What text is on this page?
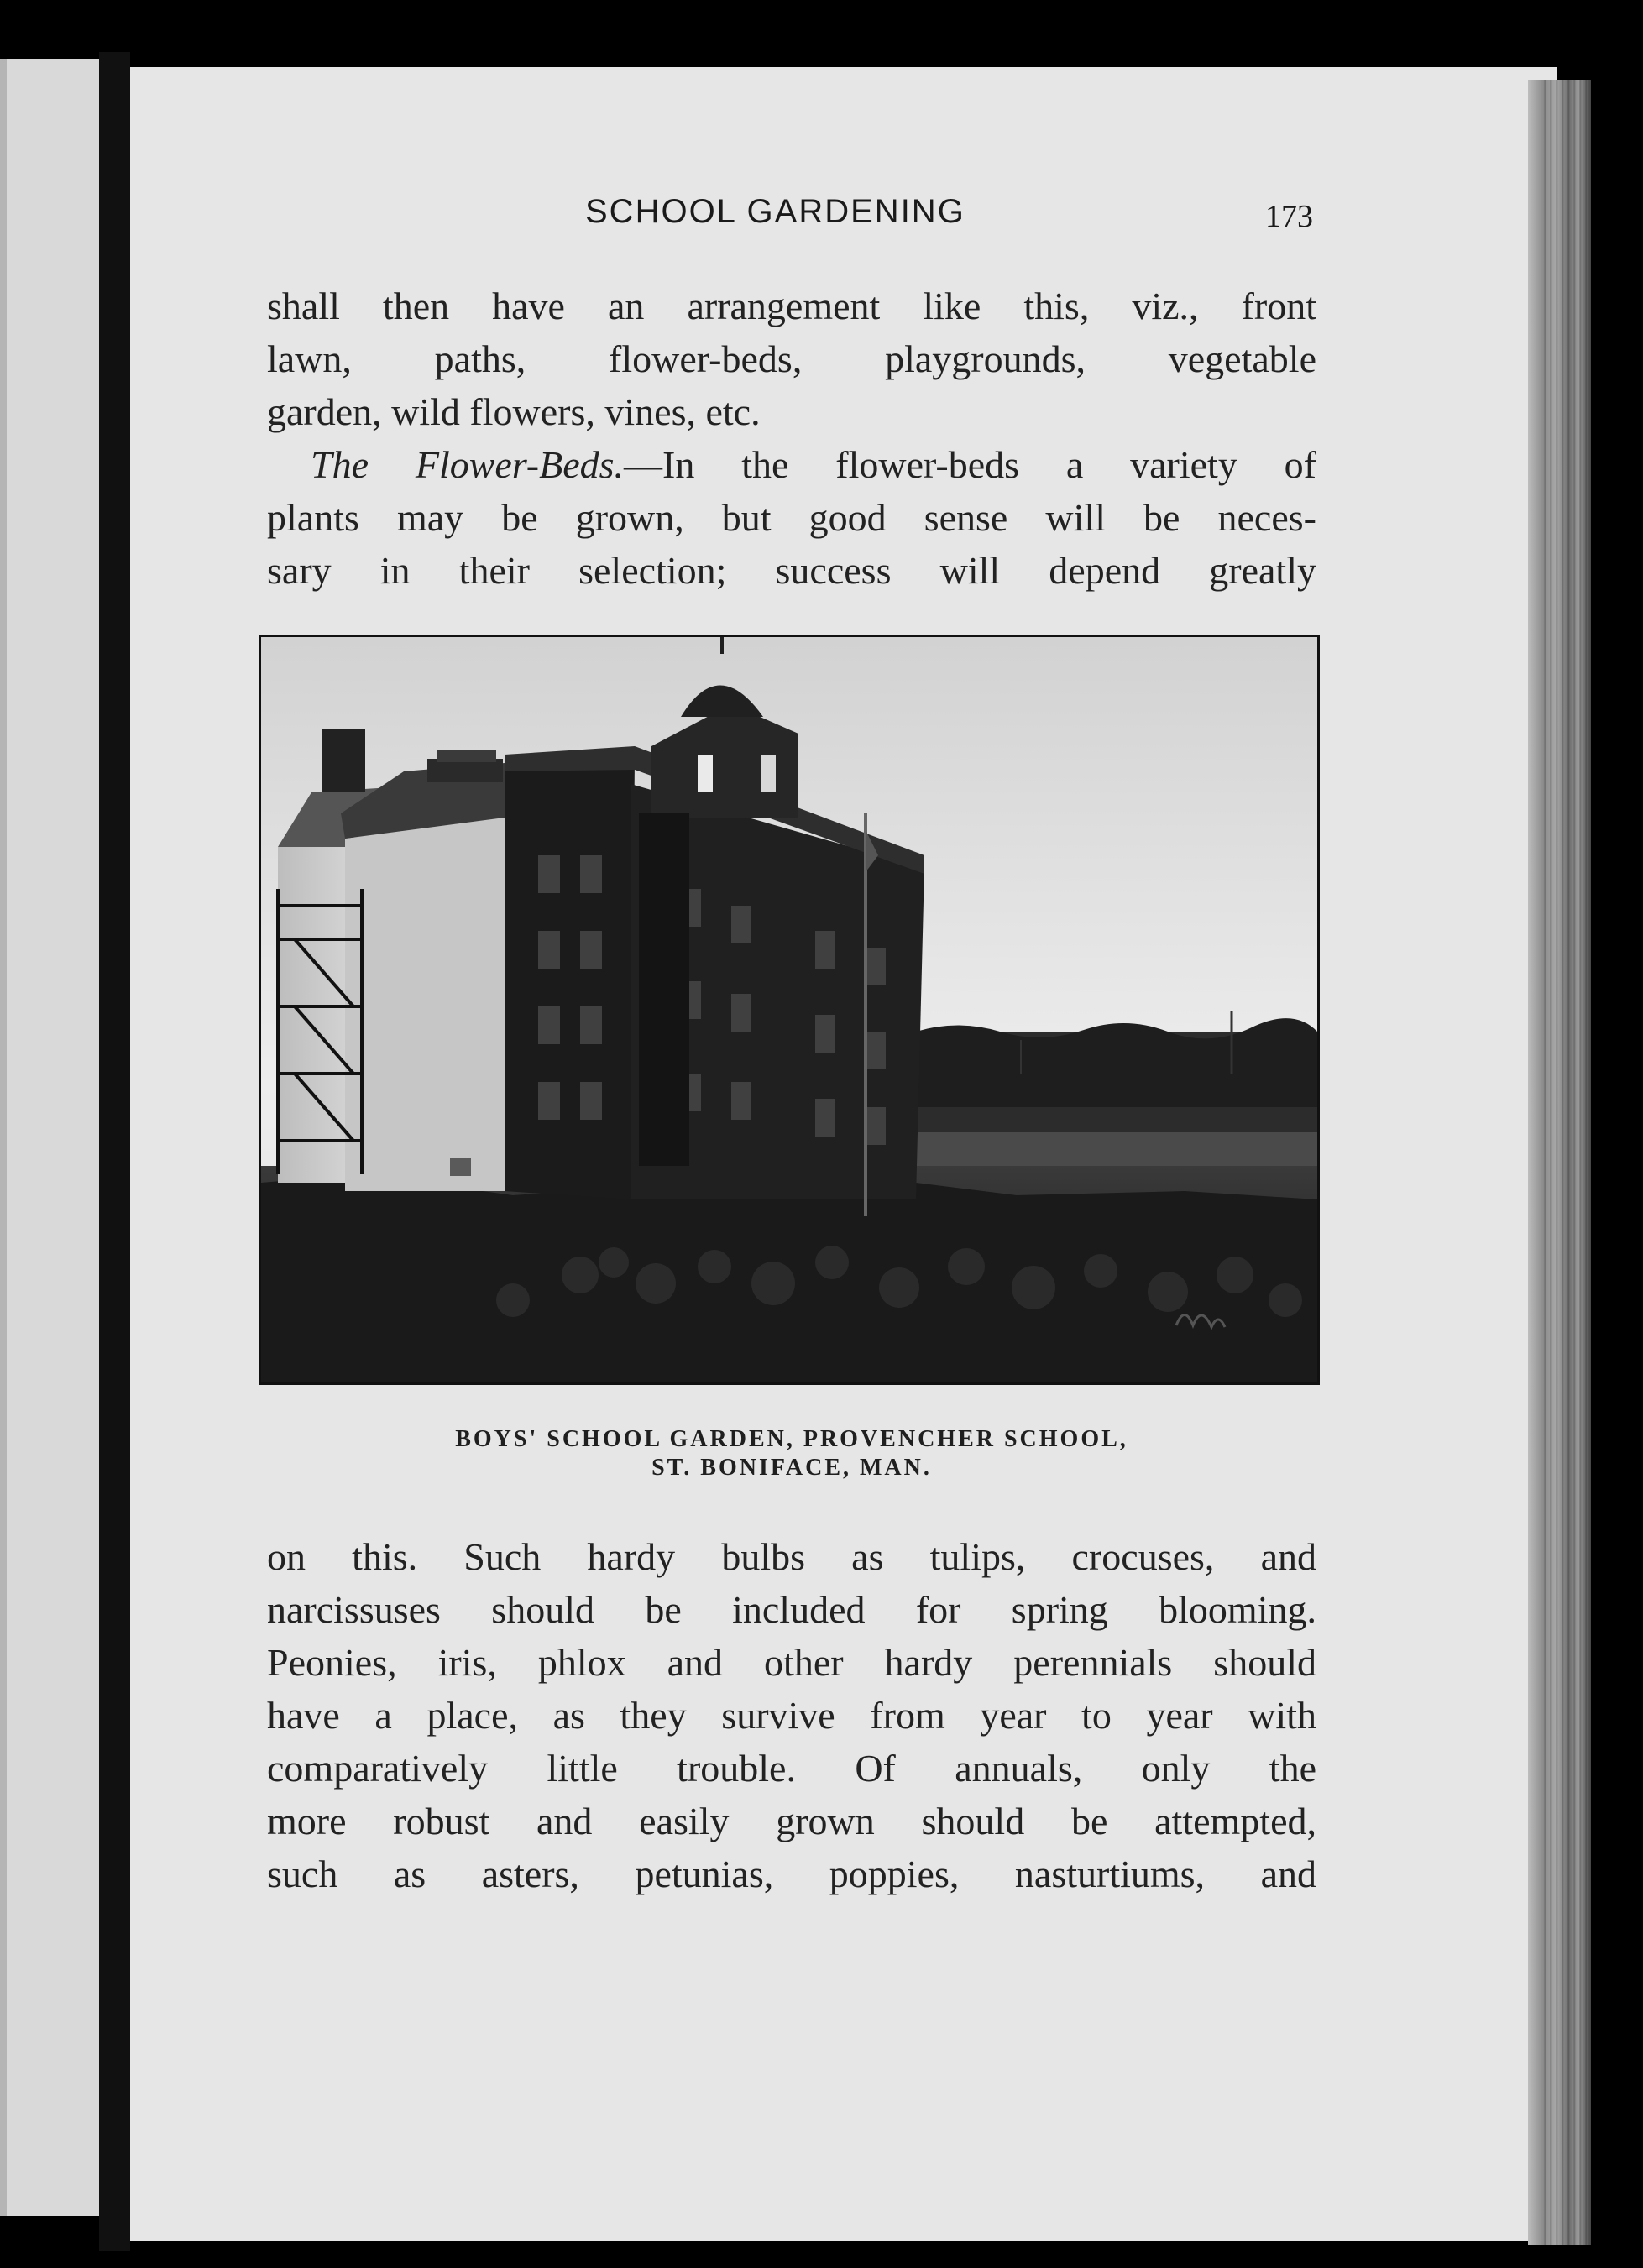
SCHOOL GARDENING	173
shall then have an arrangement like this, viz., front
lawn, paths, flower-beds, playgrounds, vegetable
garden, wild flowers, vines, etc.
The Flower-Beds.—In the flower-beds a variety of
plants may be grown, but good sense will be neces-
sary in their selection; success will depend greatly
BOYS' SCHOOL GARDEN, PROVENCHER SCHOOL,
ST. BONIFACE, MAN.
on this. Such hardy bulbs as tulips, crocuses, and
narcissuses should be included for spring blooming.
Peonies, iris, phlox and other hardy perennials should
have a place, as they survive from year to year with
comparatively little trouble. Of annuals, only the
more robust and easily grown should be attempted,
such as asters, petunias, poppies, nasturtiums, and
